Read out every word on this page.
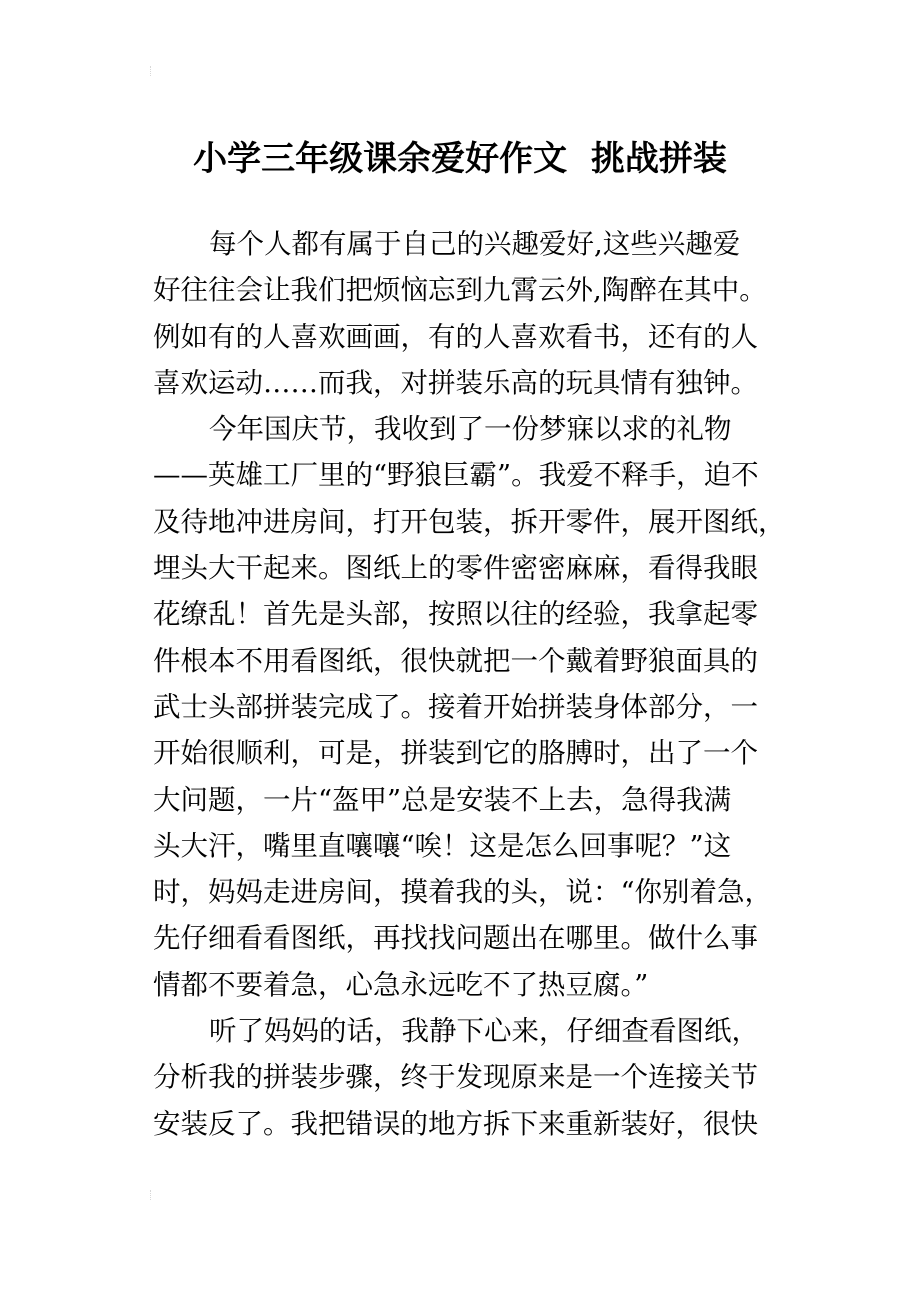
小学三年级课余爱好作文  挑战拼装
每个人都有属于自己的兴趣爱好,这些兴趣爱
好往往会让我们把烦恼忘到九霄云外,陶醉在其中。
例如有的人喜欢画画，有的人喜欢看书，还有的人
喜欢运动……而我，对拼装乐高的玩具情有独钟。
今年国庆节，我收到了一份梦寐以求的礼物
——英雄工厂里的“野狼巨霸”。我爱不释手，迫不
及待地冲进房间，打开包装，拆开零件，展开图纸，
埋头大干起来。图纸上的零件密密麻麻，看得我眼
花缭乱！首先是头部，按照以往的经验，我拿起零
件根本不用看图纸，很快就把一个戴着野狼面具的
武士头部拼装完成了。接着开始拼装身体部分，一
开始很顺利，可是，拼装到它的胳膊时，出了一个
大问题，一片“盔甲”总是安装不上去，急得我满
头大汗，嘴里直嚷嚷“唉！这是怎么回事呢？”这
时，妈妈走进房间，摸着我的头，说：“你别着急，
先仔细看看图纸，再找找问题出在哪里。做什么事
情都不要着急，心急永远吃不了热豆腐。”
听了妈妈的话，我静下心来，仔细查看图纸，
分析我的拼装步骤，终于发现原来是一个连接关节
安装反了。我把错误的地方拆下来重新装好，很快
